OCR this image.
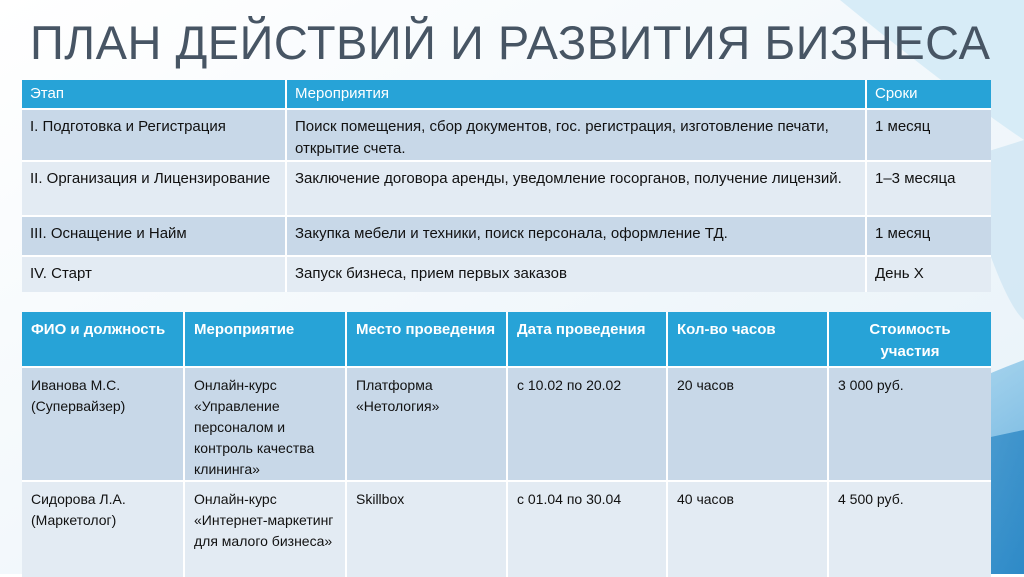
ПЛАН ДЕЙСТВИЙ И РАЗВИТИЯ БИЗНЕСА
Этап	Мероприятия	Сроки
I. Подготовка и Регистрация	Поиск помещения, сбор документов, гос. регистрация, изготовление печати, открытие счета.	1 месяц
II. Организация и Лицензирование	Заключение договора аренды, уведомление госорганов, получение лицензий.	1–3 месяца
III. Оснащение и Найм	Закупка мебели и техники, поиск персонала, оформление ТД.	1 месяц
IV. Старт	Запуск бизнеса, прием первых заказов	День Х
ФИО и должность	Мероприятие	Место проведения	Дата проведения	Кол-во часов	Стоимость участия
Иванова М.С. (Супервайзер)	Онлайн-курс «Управление персоналом и контроль качества клининга»	Платформа «Нетология»	с 10.02 по 20.02	20 часов	3 000 руб.
Сидорова Л.А. (Маркетолог)	Онлайн-курс «Интернет-маркетинг для малого бизнеса»	Skillbox	с 01.04 по 30.04	40 часов	4 500 руб.
